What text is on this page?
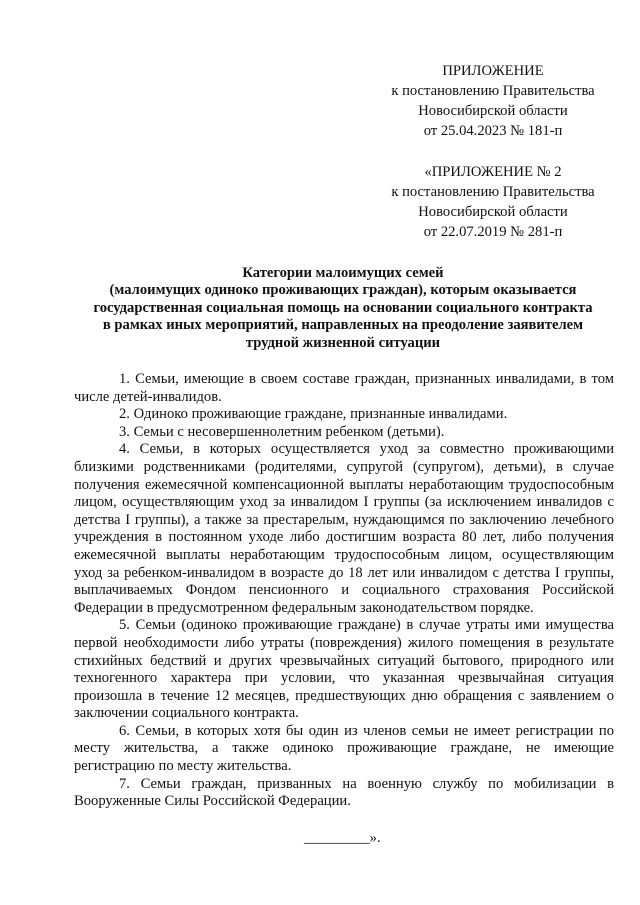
ПРИЛОЖЕНИЕ
к постановлению Правительства
Новосибирской области
от 25.04.2023 № 181-п
«ПРИЛОЖЕНИЕ № 2
к постановлению Правительства
Новосибирской области
от 22.07.2019 № 281-п
Категории малоимущих семей
(малоимущих одиноко проживающих граждан), которым оказывается
государственная социальная помощь на основании социального контракта
в рамках иных мероприятий, направленных на преодоление заявителем
трудной жизненной ситуации

1. Семьи, имеющие в своем составе граждан, признанных инвалидами, в том числе детей-инвалидов.

2. Одиноко проживающие граждане, признанные инвалидами.

3. Семьи с несовершеннолетним ребенком (детьми).

4. Семьи, в которых осуществляется уход за совместно проживающими близкими родственниками (родителями, супругой (супругом), детьми), в случае получения ежемесячной компенсационной выплаты неработающим трудоспособным лицом, осуществляющим уход за инвалидом I группы (за исключением инвалидов с детства I группы), а также за престарелым, нуждающимся по заключению лечебного учреждения в постоянном уходе либо достигшим возраста 80 лет, либо получения ежемесячной выплаты неработающим трудоспособным лицом, осуществляющим уход за ребенком-инвалидом в возрасте до 18 лет или инвалидом с детства I группы, выплачиваемых Фондом пенсионного и социального страхования Российской Федерации в предусмотренном федеральным законодательством порядке.

5. Семьи (одиноко проживающие граждане) в случае утраты ими имущества первой необходимости либо утраты (повреждения) жилого помещения в результате стихийных бедствий и других чрезвычайных ситуаций бытового, природного или техногенного характера при условии, что указанная чрезвычайная ситуация произошла в течение 12 месяцев, предшествующих дню обращения с заявлением о заключении социального контракта.

6. Семьи, в которых хотя бы один из членов семьи не имеет регистрации по месту жительства, а также одиноко проживающие граждане, не имеющие регистрацию по месту жительства.

7. Семьи граждан, призванных на военную службу по мобилизации в Вооруженные Силы Российской Федерации.

_________».
